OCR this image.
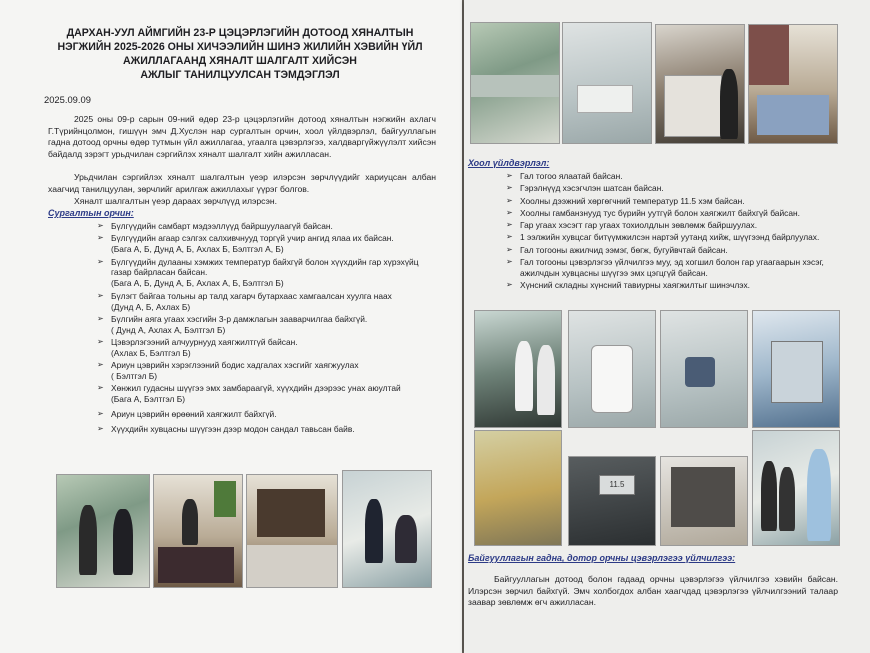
ДАРХАН-УУЛ АЙМГИЙН 23-Р ЦЭЦЭРЛЭГИЙН ДОТООД ХЯНАЛТЫН
НЭГЖИЙН 2025-2026 ОНЫ ХИЧЭЭЛИЙН ШИНЭ ЖИЛИЙН ХЭВИЙН ҮЙЛ
АЖИЛЛАГААНД ХЯНАЛТ ШАЛГАЛТ ХИЙСЭН
АЖЛЫГ ТАНИЛЦУУЛСАН ТЭМДЭГЛЭЛ
2025.09.09
2025 оны 09-р сарын 09-ний өдөр 23-р цэцэрлэгийн дотоод хяналтын нэгжийн ахлагч Г.Түрийнцолмон, гишүүн эмч Д.Хуслэн нар сургалтын орчин, хоол үйлдвэрлэл, байгууллагын гадна дотоод орчны өдөр тутмын үйл ажиллагаа, угаалга цэвэрлэгээ, халдваргүйжүүлэлт хийсэн байдалд зэрэгт урьдчилан сэргийлэх хяналт шалгалт хийн ажилласан.
Урьдчилан сэргийлэх хяналт шалгалтын үеэр илэрсэн зөрчлүүдийг хариуцсан албан хаагчид танилцуулан, зөрчлийг арилгаж ажиллахыг үүрэг болгов.
Хяналт шалгалтын үеэр дараах зөрчлүүд илэрсэн.
Сургалтын орчин:
➢ Бүлгүүдийн самбарт мэдээллүүд байршуулаагүй байсан.
➢ Бүлгүүдийн агаар сэлгэх салхивчнууд торгүй учир ангид ялаа их байсан.
(Бага А, Б, Дунд А, Б, Ахлах Б, Бэлтгэл А, Б)
➢ Бүлгүүдийн дулааны хэмжих температур байхгүй болон хүүхдийн гар хүрэхүйц газар байрласан байсан.
(Бага А, Б, Дунд А, Б, Ахлах А, Б, Бэлтгэл Б)
➢ Бүлэгт байгаа тольны ар талд хагарч бутархаас хамгаалсан хуулга наах
(Дунд А, Б, Ахлах Б)
➢ Бүлгийн аяга угаах хэсгийн 3-р дамжлагын зааварчилгаа байхгүй.
( Дунд А, Ахлах А, Бэлтгэл Б)
➢ Цэвэрлэгээний алчуурнууд хаягжилтгүй байсан.
(Ахлах Б, Бэлтгэл Б)
➢ Ариун цэврийн хэрэглээний бодис хадгалах хэсгийг хаягжуулах
( Бэлтгэл Б)
➢ Хөнжил гудасны шүүгээ эмх замбараагүй, хүүхдийн дээрээс унах аюултай
(Бага А, Бэлтгэл Б)
➢ Ариун цэврийн өрөөний хаягжилт байхгүй.
➢ Хүүхдийн хувцасны шүүгээн дээр модон сандал тавьсан байв.
Хоол үйлдвэрлэл:
➢ Гал тогоо ялаатай байсан.
➢ Гэрэлнүүд хэсэгчлэн шатсан байсан.
➢ Хоолны дээжний хөргөгчний температур 11.5 хэм байсан.
➢ Хоолны гамбанзнууд тус бүрийн уутгүй болон хаягжилт байхгүй байсан.
➢ Гар угаах хэсэгт гар угаах тохиолдлын зөвлөмж байршуулах.
➢ 1 ээлжийн хувцсаг битүүмжилсэн нартэй уутанд хийж, шүүгээнд байрлуулах.
➢ Гал тогооны ажилчид ээмэг, бөгж, бугуйвчтай байсан.
➢ Гал тогооны цэвэрлэгээ үйлчилгээ муу, эд хогшил болон гар угаагаарын хэсэг, ажилчдын хувцасны шүүгээ эмх цэгцгүй байсан.
➢ Хүнсний складны хүнсний тавиурны хаягжилтыг шинэчлэх.
11.5
Байгууллагын гадна, дотор орчны цэвэрлэгээ үйлчилгээ:
Байгууллагын дотоод болон гадаад орчны цэвэрлэгээ үйлчилгээ хэвийн байсан. Илэрсэн зөрчил байхгүй. Эмч холбогдох албан хаагчдад цэвэрлэгээ үйлчилгээний талаар заавар зөвлөмж өгч ажилласан.
